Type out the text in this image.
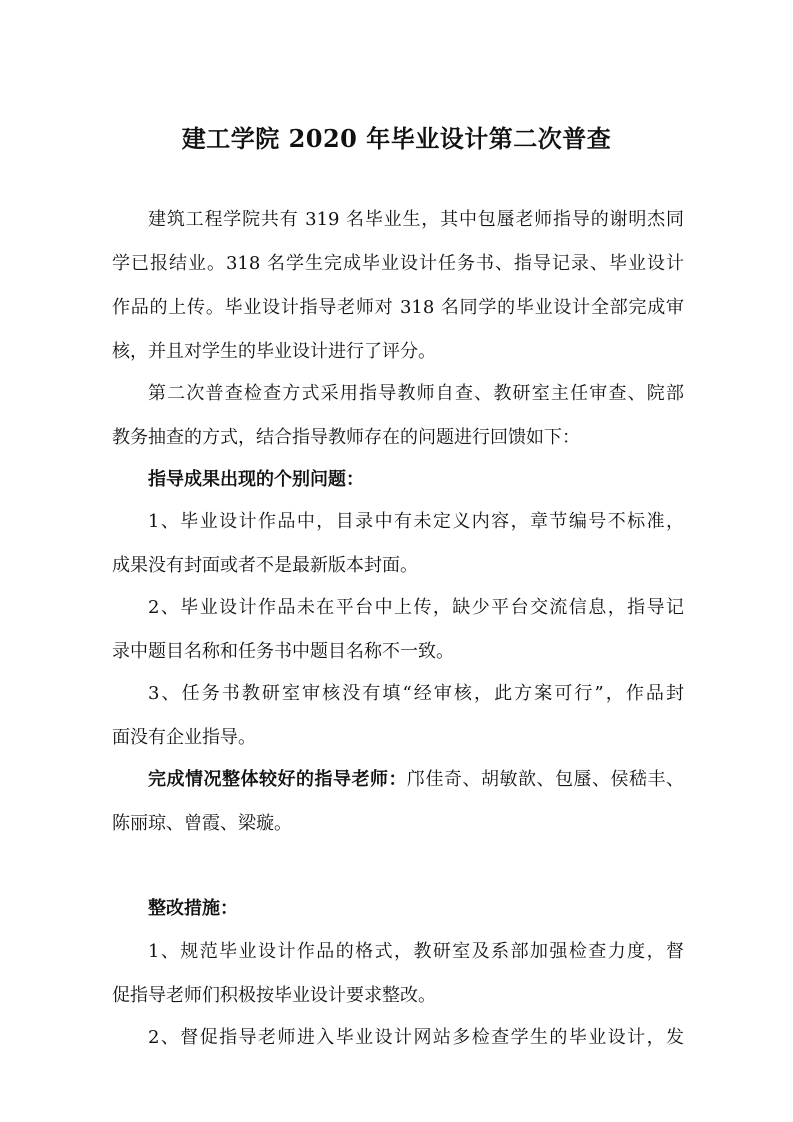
建工学院 2020 年毕业设计第二次普查
建筑工程学院共有 319 名毕业生，其中包蜃老师指导的谢明杰同
学已报结业。318 名学生完成毕业设计任务书、指导记录、毕业设计
作品的上传。毕业设计指导老师对 318 名同学的毕业设计全部完成审
核，并且对学生的毕业设计进行了评分。
第二次普查检查方式采用指导教师自查、教研室主任审查、院部
教务抽查的方式，结合指导教师存在的问题进行回馈如下：
指导成果出现的个别问题：
1、毕业设计作品中，目录中有未定义内容，章节编号不标准，
成果没有封面或者不是最新版本封面。
2、毕业设计作品未在平台中上传，缺少平台交流信息，指导记
录中题目名称和任务书中题目名称不一致。
3、任务书教研室审核没有填“经审核，此方案可行”，作品封
面没有企业指导。
完成情况整体较好的指导老师：邝佳奇、胡敏歆、包蜃、侯嵇丰、
陈丽琼、曾霞、梁璇。
整改措施：
1、规范毕业设计作品的格式，教研室及系部加强检查力度，督
促指导老师们积极按毕业设计要求整改。
2、督促指导老师进入毕业设计网站多检查学生的毕业设计，发
